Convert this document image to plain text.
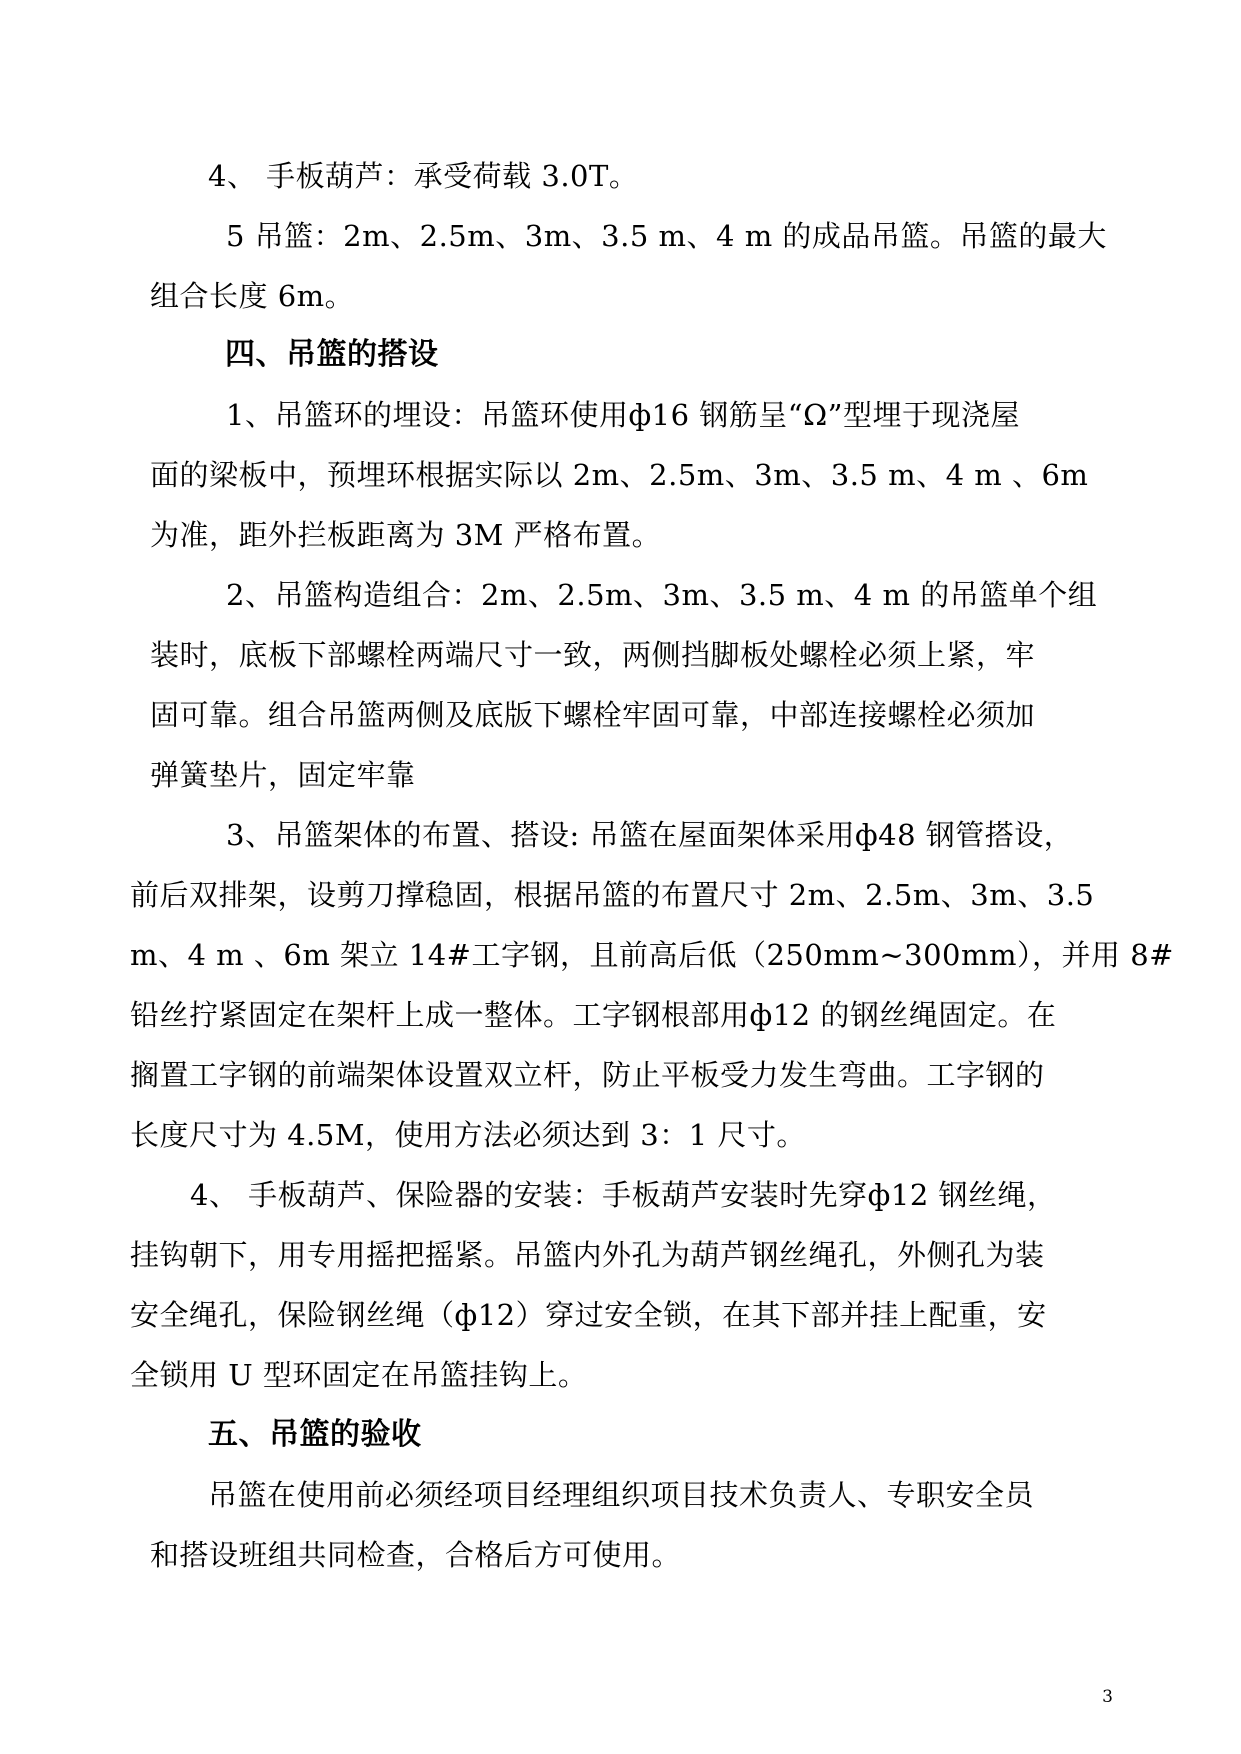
4、 手板葫芦：承受荷载 3.0T。
5 吊篮：2m、2.5m、3m、3.5 m、4 m 的成品吊篮。吊篮的最大
组合长度 6m。
四、吊篮的搭设
1、吊篮环的埋设：吊篮环使用ф16 钢筋呈“Ω”型埋于现浇屋
面的梁板中，预埋环根据实际以 2m、2.5m、3m、3.5 m、4 m 、6m
为准，距外拦板距离为 3M 严格布置。
2、吊篮构造组合：2m、2.5m、3m、3.5 m、4 m 的吊篮单个组
装时，底板下部螺栓两端尺寸一致，两侧挡脚板处螺栓必须上紧，牢
固可靠。组合吊篮两侧及底版下螺栓牢固可靠，中部连接螺栓必须加
弹簧垫片，固定牢靠
3、吊篮架体的布置、搭设: 吊篮在屋面架体采用ф48 钢管搭设，
前后双排架，设剪刀撑稳固，根据吊篮的布置尺寸 2m、2.5m、3m、3.5
m、4 m 、6m 架立 14#工字钢，且前高后低（250mm~300mm），并用 8#
铅丝拧紧固定在架杆上成一整体。工字钢根部用ф12 的钢丝绳固定。在
搁置工字钢的前端架体设置双立杆，防止平板受力发生弯曲。工字钢的
长度尺寸为 4.5M，使用方法必须达到 3：1 尺寸。
4、 手板葫芦、保险器的安装：手板葫芦安装时先穿ф12 钢丝绳，
挂钩朝下，用专用摇把摇紧。吊篮内外孔为葫芦钢丝绳孔，外侧孔为装
安全绳孔，保险钢丝绳（ф12）穿过安全锁，在其下部并挂上配重，安
全锁用 U 型环固定在吊篮挂钩上。
五、吊篮的验收
吊篮在使用前必须经项目经理组织项目技术负责人、专职安全员
和搭设班组共同检查，合格后方可使用。
3
